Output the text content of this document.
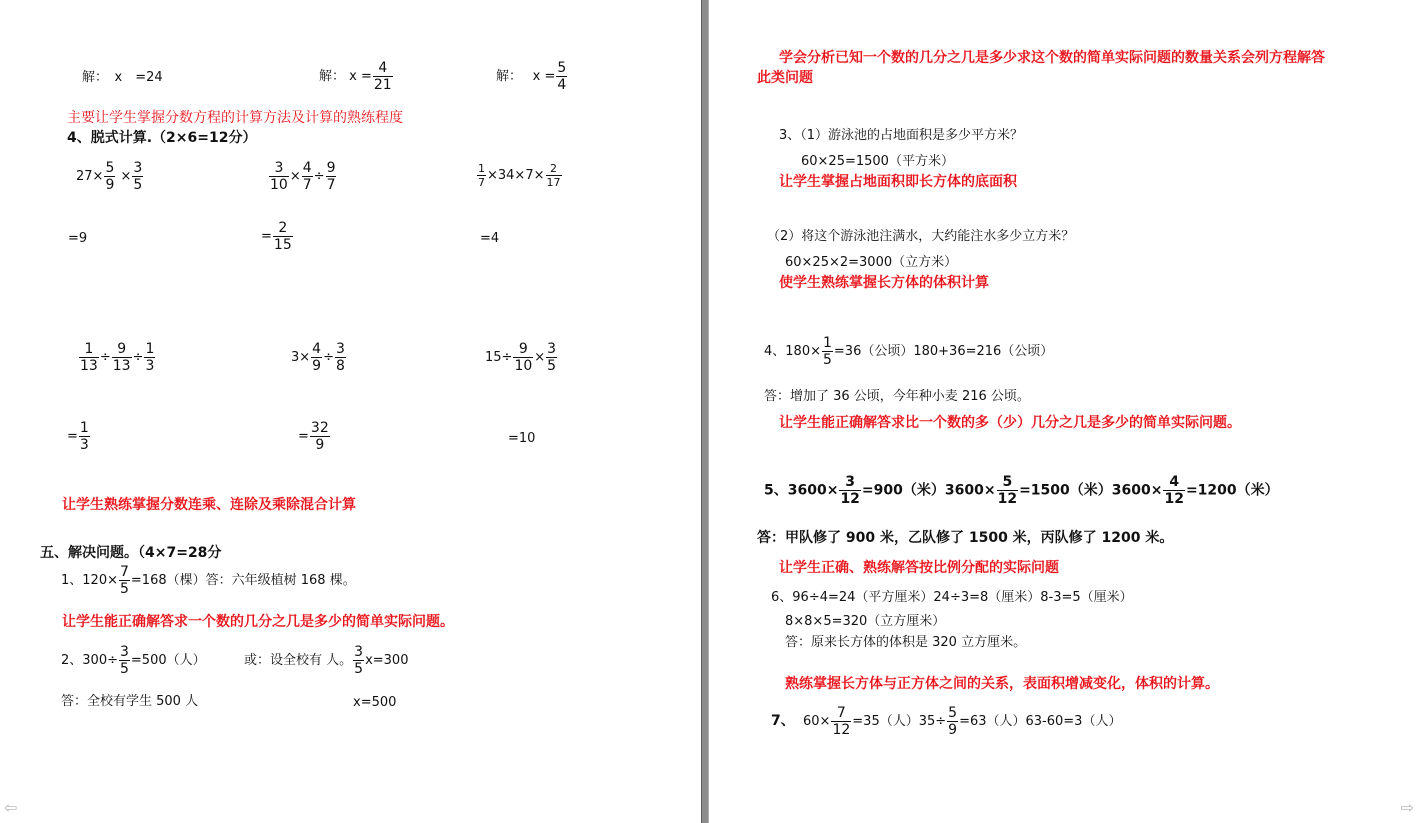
解：　x　=24	解： $x = \frac{4}{21}$	解：　 $x = \frac{5}{4}$
主要让学生掌握分数方程的计算方法及计算的熟练程度
4、脱式计算.（2×6=12分）
$27\times \frac{5}{9} \times \frac{3}{5}$	$\frac{3}{10} \times \frac{4}{7} \div \frac{9}{7}$	$\frac{1}{7} \times 34\times 7\times \frac{2}{17}$
=9	= $\frac{2}{15}$	=4
$\frac{1}{13} \div \frac{9}{13} \div \frac{1}{3}$	$3\times \frac{4}{9} \div \frac{3}{8}$	$15\div \frac{9}{10} \times \frac{3}{5}$
= $\frac{1}{3}$	= $\frac{32}{9}$	=10
让学生熟练掌握分数连乘、连除及乘除混合计算
五、解决问题。（4×7=28分
1、$120\times \frac{7}{5} =168$（棵）答：六年级植树 168 棵。
让学生能正确解答求一个数的几分之几是多少的简单实际问题。
2、$300\div \frac{3}{5} =500$（人）	或：设全校有 人。 $\frac{3}{5} x=300$
答：全校有学生 500 人	x=500
⇦
学会分析已知一个数的几分之几是多少求这个数的简单实际问题的数量关系会列方程解答
此类问题
3、（1）游泳池的占地面积是多少平方米？
60×25=1500（平方米）
让学生掌握占地面积即长方体的底面积
（2）将这个游泳池注满水，大约能注水多少立方米？
60×25×2=3000（立方米）
使学生熟练掌握长方体的体积计算
4、$180\times \frac{1}{5} =36$（公顷）180+36=216（公顷）
答：增加了 36 公顷，今年种小麦 216 公顷。
让学生能正确解答求比一个数的多（少）几分之几是多少的简单实际问题。
5、$3600\times \frac{3}{12} =900$（米）$3600\times \frac{5}{12} =1500$（米）$3600\times \frac{4}{12} =1200$（米）
答：甲队修了 900 米，乙队修了 1500 米，丙队修了 1200 米。
让学生正确、熟练解答按比例分配的实际问题
6、96÷4=24（平方厘米）24÷3=8（厘米）8-3=5（厘米）
8×8×5=320（立方厘米）
答：原来长方体的体积是 320 立方厘米。
熟练掌握长方体与正方体之间的关系，表面积增减变化，体积的计算。
7、 $60\times \frac{7}{12} =35$（人）$35\div \frac{5}{9} =63$（人）63-60=3（人）
⇨
